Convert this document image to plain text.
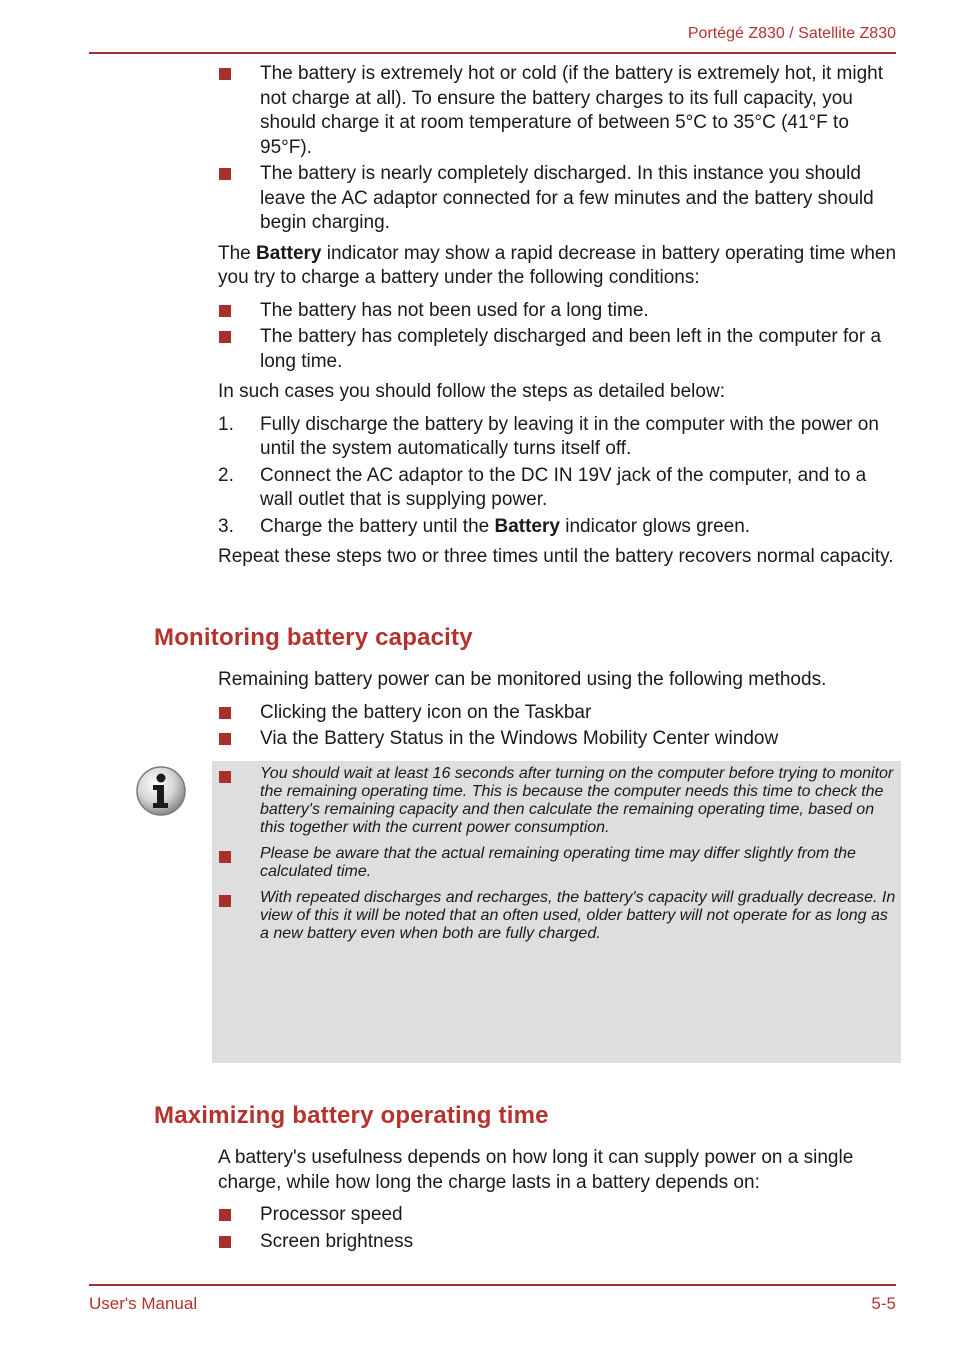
Portégé Z830 / Satellite Z830
The battery is extremely hot or cold (if the battery is extremely hot, it might not charge at all). To ensure the battery charges to its full capacity, you should charge it at room temperature of between 5°C to 35°C (41°F to 95°F).
The battery is nearly completely discharged. In this instance you should leave the AC adaptor connected for a few minutes and the battery should begin charging.

The Battery indicator may show a rapid decrease in battery operating time when you try to charge a battery under the following conditions:

The battery has not been used for a long time.
The battery has completely discharged and been left in the computer for a long time.

In such cases you should follow the steps as detailed below:

1. Fully discharge the battery by leaving it in the computer with the power on until the system automatically turns itself off.
2. Connect the AC adaptor to the DC IN 19V jack of the computer, and to a wall outlet that is supplying power.
3. Charge the battery until the Battery indicator glows green.

Repeat these steps two or three times until the battery recovers normal capacity.

Monitoring battery capacity

Remaining battery power can be monitored using the following methods.

Clicking the battery icon on the Taskbar
Via the Battery Status in the Windows Mobility Center window
You should wait at least 16 seconds after turning on the computer before trying to monitor the remaining operating time. This is because the computer needs this time to check the battery's remaining capacity and then calculate the remaining operating time, based on this together with the current power consumption.
Please be aware that the actual remaining operating time may differ slightly from the calculated time.
With repeated discharges and recharges, the battery's capacity will gradually decrease. In view of this it will be noted that an often used, older battery will not operate for as long as a new battery even when both are fully charged.
Maximizing battery operating time

A battery's usefulness depends on how long it can supply power on a single charge, while how long the charge lasts in a battery depends on:

Processor speed
Screen brightness
User's Manual	5-5
